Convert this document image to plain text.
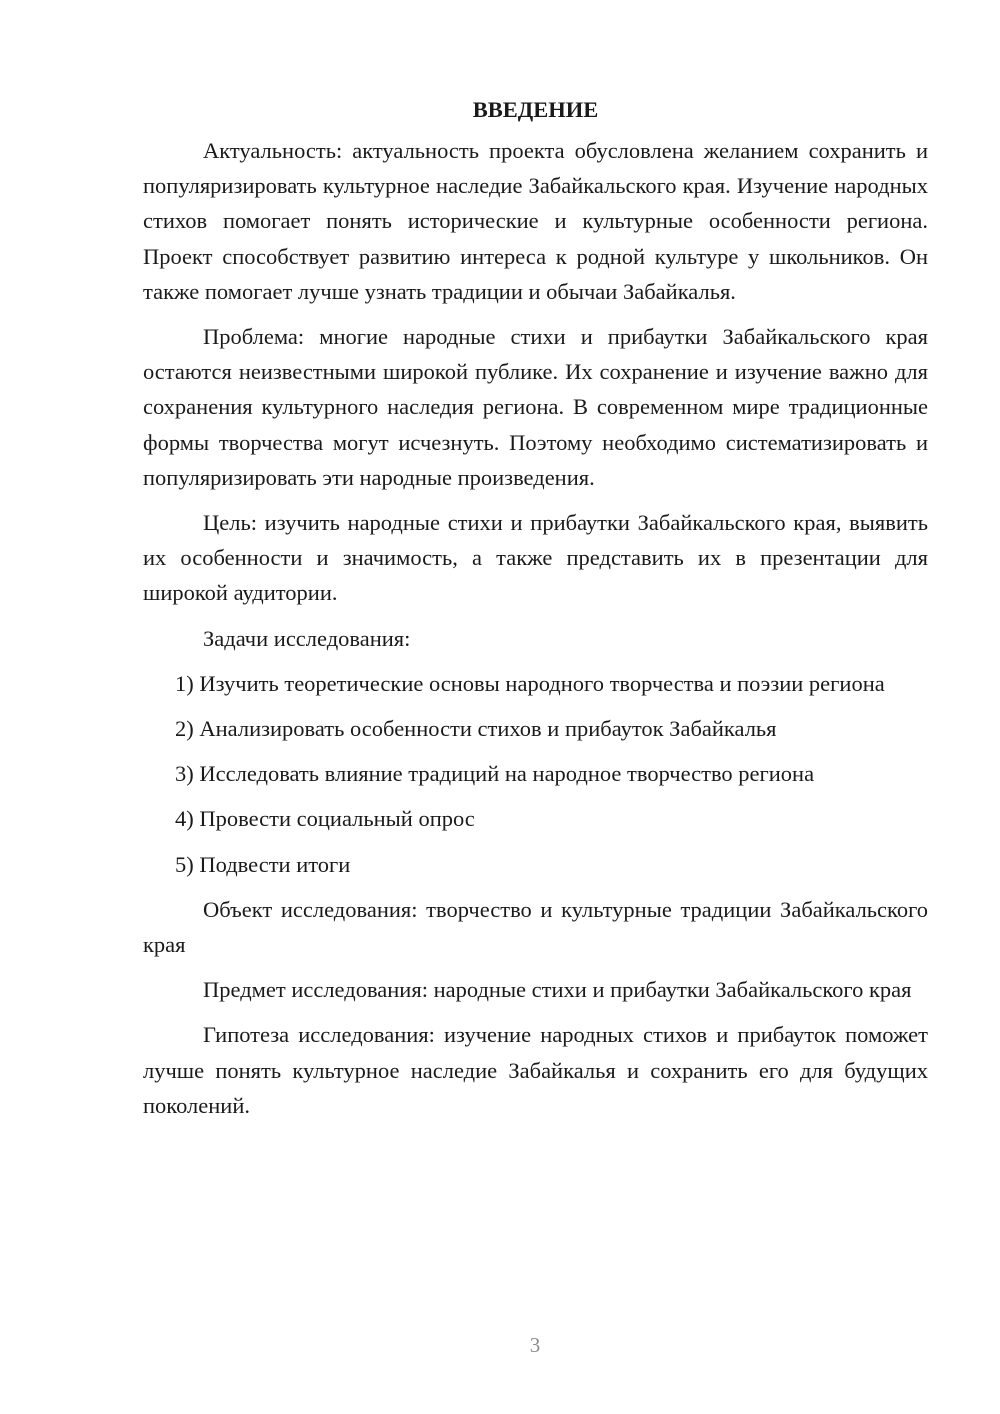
ВВЕДЕНИЕ

Актуальность: актуальность проекта обусловлена желанием сохранить и популяризировать культурное наследие Забайкальского края. Изучение народных стихов помогает понять исторические и культурные особенности региона. Проект способствует развитию интереса к родной культуре у школьников. Он также помогает лучше узнать традиции и обычаи Забайкалья.

Проблема: многие народные стихи и прибаутки Забайкальского края остаются неизвестными широкой публике. Их сохранение и изучение важно для сохранения культурного наследия региона. В современном мире традиционные формы творчества могут исчезнуть. Поэтому необходимо систематизировать и популяризировать эти народные произведения.

Цель: изучить народные стихи и прибаутки Забайкальского края, выявить их особенности и значимость, а также представить их в презентации для широкой аудитории.

Задачи исследования:

1) Изучить теоретические основы народного творчества и поэзии региона

2) Анализировать особенности стихов и прибауток Забайкалья

3) Исследовать влияние традиций на народное творчество региона

4) Провести социальный опрос

5) Подвести итоги

Объект исследования: творчество и культурные традиции Забайкальского края

Предмет исследования: народные стихи и прибаутки Забайкальского края

Гипотеза исследования: изучение народных стихов и прибауток поможет лучше понять культурное наследие Забайкалья и сохранить его для будущих поколений.

3
